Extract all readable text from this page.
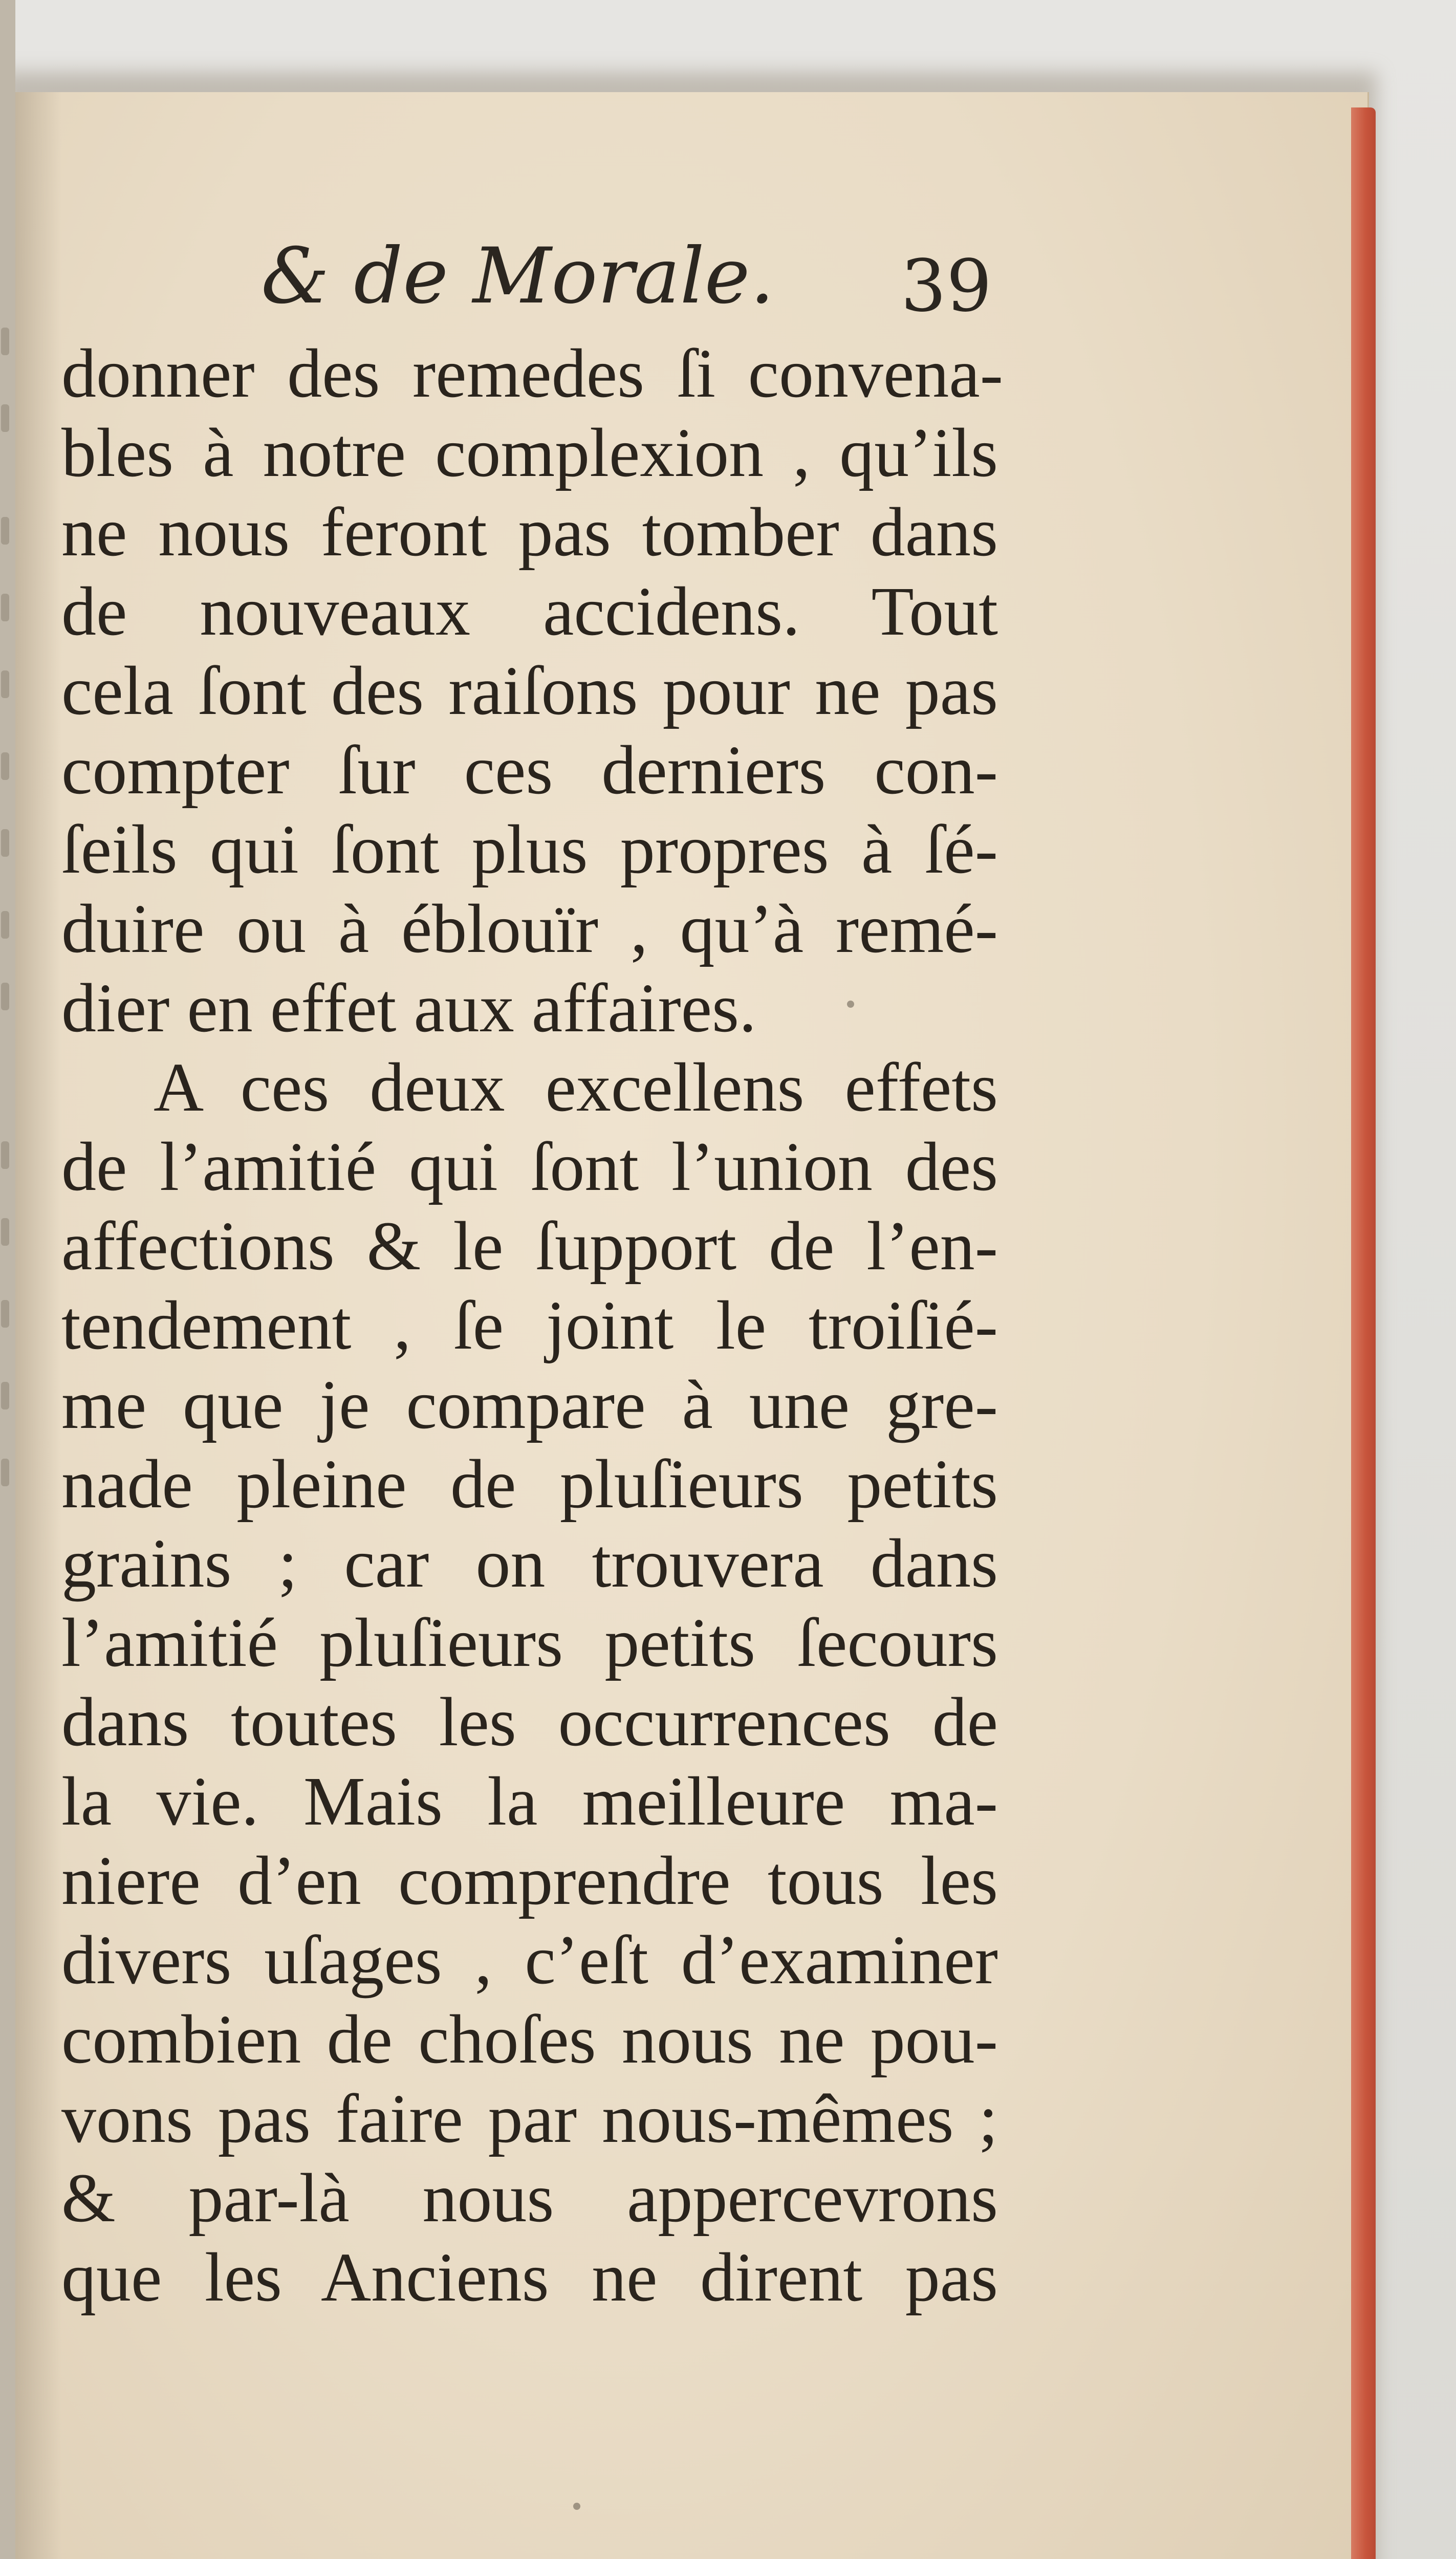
& de Morale.	39
donner des remedes ſi convena-
bles à notre complexion , qu’ils
ne nous feront pas tomber dans
de nouveaux accidens. Tout
cela ſont des raiſons pour ne pas
compter ſur ces derniers con-
ſeils qui ſont plus propres à ſé-
duire ou à éblouïr , qu’à remé-
dier en effet aux affaires.
A ces deux excellens effets
de l’amitié qui ſont l’union des
affections & le ſupport de l’en-
tendement , ſe joint le troiſié-
me que je compare à une gre-
nade pleine de pluſieurs petits
grains ; car on trouvera dans
l’amitié pluſieurs petits ſecours
dans toutes les occurrences de
la vie. Mais la meilleure ma-
niere d’en comprendre tous les
divers uſages , c’eſt d’examiner
combien de choſes nous ne pou-
vons pas faire par nous-mêmes ;
& par-là nous appercevrons
que les Anciens ne dirent pas
